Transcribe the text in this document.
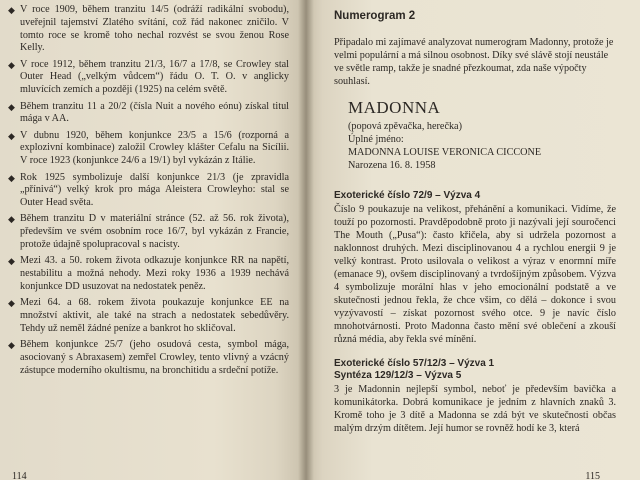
◆ V roce 1909, během tranzitu 14/5 (odráží radikální svobodu), uveřejnil tajemství Zlatého svítání, což řád nakonec zničilo. V tomto roce se kromě toho nechal rozvést se svou ženou Rose Kelly.
◆ V roce 1912, během tranzitu 21/3, 16/7 a 17/8, se Crowley stal Outer Head („velkým vůdcem“) řádu O. T. O. v anglicky mluvících zemích a později (1925) na celém světě.
◆ Během tranzitu 11 a 20/2 (čísla Nuit a nového eónu) získal titul mága v AA.
◆ V dubnu 1920, během konjunkce 23/5 a 15/6 (rozporná a explozivní kombinace) založil Crowley klášter Cefalu na Sicílii. V roce 1923 (konjunkce 24/6 a 19/1) byl vykázán z Itálie.
◆ Rok 1925 symbolizuje další konjunkce 21/3 (je zpravidla „přínivá“) velký krok pro mága Aleistera Crowleyho: stal se Outer Head světa.
◆ Během tranzitu D v materiální stránce (52. až 56. rok života), především ve svém osobním roce 16/7, byl vykázán z Francie, protože údajně spolupracoval s nacisty.
◆ Mezi 43. a 50. rokem života odkazuje konjunkce RR na napětí, nestabilitu a možná nehody. Mezi roky 1936 a 1939 nechává konjunkce DD usuzovat na nedostatek peněz.
◆ Mezi 64. a 68. rokem života poukazuje konjunkce EE na množství aktivit, ale také na strach a nedostatek sebedůvěry. Tehdy už neměl žádné peníze a bankrot ho skličoval.
◆ Během konjunkce 25/7 (jeho osudová cesta, symbol mága, asociovaný s Abraxasem) zemřel Crowley, tento vlivný a vzácný zástupce moderního okultismu, na bronchitidu a srdeční potíže.
114
Numerogram 2

Připadalo mi zajímavé analyzovat numerogram Madonny, protože je velmi populární a má silnou osobnost. Díky své slávě stojí neustále ve světle ramp, takže je snadné přezkoumat, zda naše výpočty souhlasí.

MADONNA
(popová zpěvačka, herečka)
Úplné jméno:
MADONNA LOUISE VERONICA CICCONE
Narozena 16. 8. 1958
Exoterické číslo 72/9 – Výzva 4

Číslo 9 poukazuje na velikost, přehánění a komunikaci. Vidíme, že touží po pozornosti. Pravděpodobně proto ji nazývali její souročenci The Mouth („Pusa“): často křičela, aby si udržela pozornost a naklonnost druhých. Mezi disciplinovanou 4 a rychlou energii 9 je velký kontrast. Proto usilovala o velikost a výraz v enormní míře (emanace 9), ovšem disciplinovaný a tvrdošíjným způsobem. Výzva 4 symbolizuje morální hlas v jeho emocionální podstatě a ve skutečnosti jednou řekla, že chce všim, co dělá – dokonce i svou vyzývavostí – získat pozornost svého otce. 9 je navíc číslo mnohotvárnosti. Proto Madonna často mění své oblečení a zkouší různá média, aby řekla své mínění.

Exoterické číslo 57/12/3 – Výzva 1
Syntéza 129/12/3 – Výzva 5

3 je Madonnin nejlepší symbol, neboť je především bavička a komunikátorka. Dobrá komunikace je jedním z hlavních znaků 3. Kromě toho je 3 dítě a Madonna se zdá být ve skutečnosti občas malým drzým dítětem. Její humor se rovněž hodí ke 3, která

115
